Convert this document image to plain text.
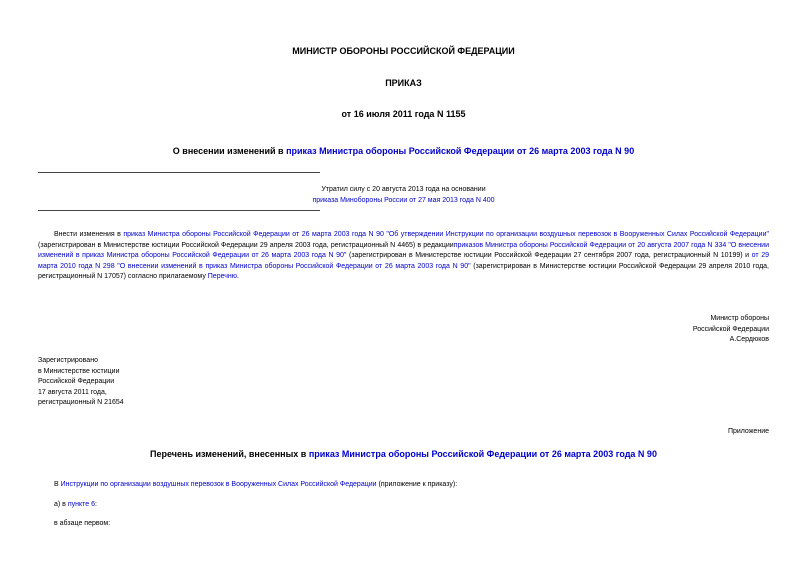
МИНИСТР ОБОРОНЫ РОССИЙСКОЙ ФЕДЕРАЦИИ
ПРИКАЗ
от 16 июля 2011 года N 1155
О внесении изменений в приказ Министра обороны Российской Федерации от 26 марта 2003 года N 90
Утратил силу с 20 августа 2013 года на основании
приказа Минобороны России от 27 мая 2013 года N 400
Внести изменения в приказ Министра обороны Российской Федерации от 26 марта 2003 года N 90 "Об утверждении Инструкции по организации воздушных перевозок в Вооруженных Силах Российской Федерации" (зарегистрирован в Министерстве юстиции Российской Федерации 29 апреля 2003 года, регистрационный N 4465) в редакцииприказов Министра обороны Российской Федерации от 20 августа 2007 года N 334 "О внесении изменений в приказ Министра обороны Российской Федерации от 26 марта 2003 года N 90" (зарегистрирован в Министерстве юстиции Российской Федерации 27 сентября 2007 года, регистрационный N 10199) и от 29 марта 2010 года N 298 "О внесении изменений в приказ Министра обороны Российской Федерации от 26 марта 2003 года N 90" (зарегистрирован в Министерстве юстиции Российской Федерации 29 апреля 2010 года, регистрационный N 17057) согласно прилагаемому Перечню.
Министр обороны
Российской Федерации
А.Сердюков
Зарегистрировано
в Министерстве юстиции
Российской Федерации
17 августа 2011 года,
регистрационный N 21654
Приложение
Перечень изменений, внесенных в приказ Министра обороны Российской Федерации от 26 марта 2003 года N 90
В Инструкции по организации воздушных перевозок в Вооруженных Силах Российской Федерации (приложение к приказу):
а) в пункте 6:
в абзаце первом:
